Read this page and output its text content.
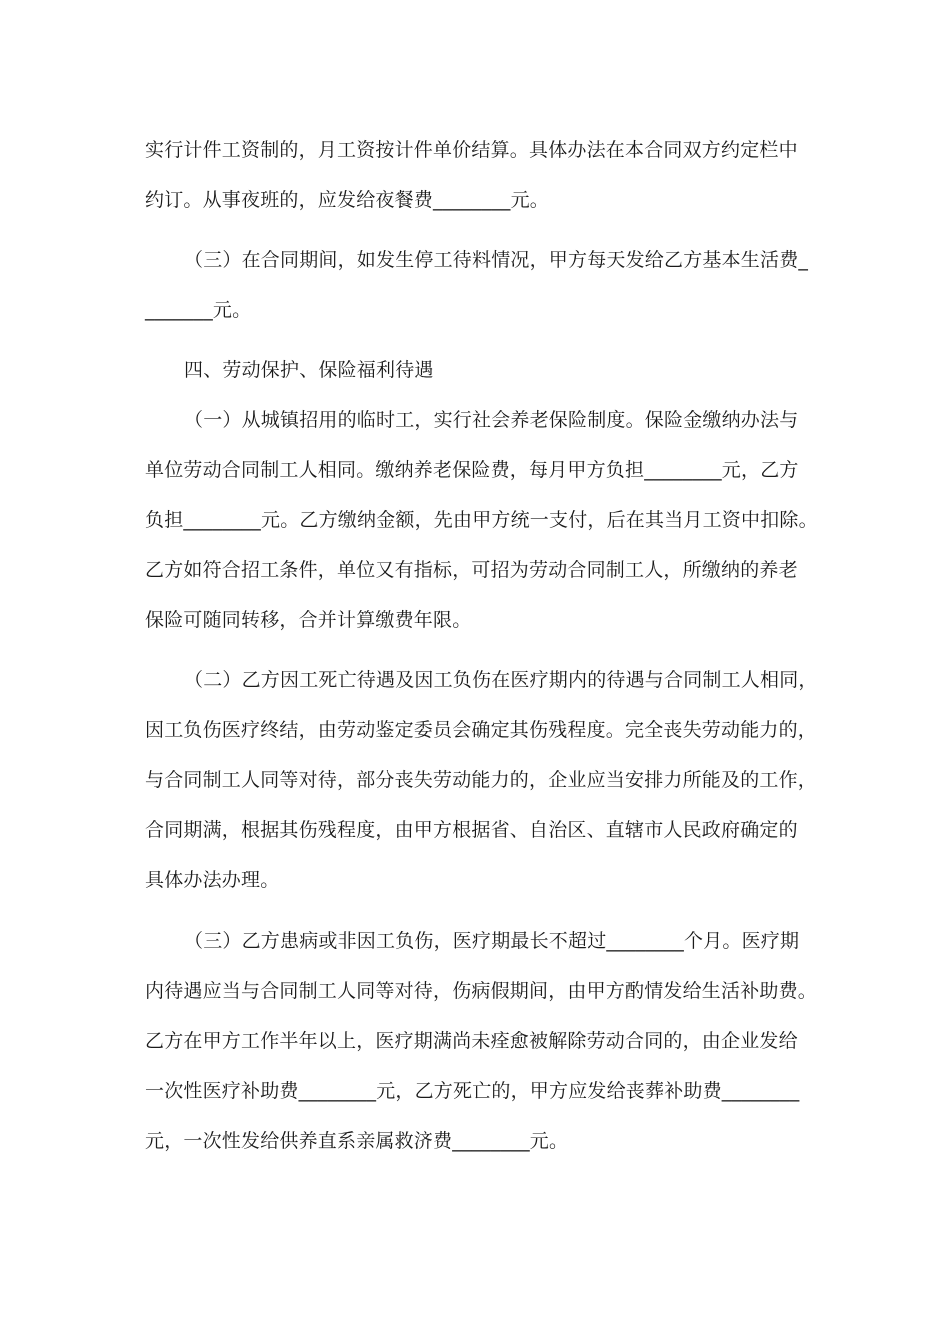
实行计件工资制的，月工资按计件单价结算。具体办法在本合同双方约定栏中
约订。从事夜班的，应发给夜餐费________元。
（三）在合同期间，如发生停工待料情况，甲方每天发给乙方基本生活费_
_______元。
四、劳动保护、保险福利待遇
（一）从城镇招用的临时工，实行社会养老保险制度。保险金缴纳办法与
单位劳动合同制工人相同。缴纳养老保险费，每月甲方负担________元，乙方
负担________元。乙方缴纳金额，先由甲方统一支付，后在其当月工资中扣除。
乙方如符合招工条件，单位又有指标，可招为劳动合同制工人，所缴纳的养老
保险可随同转移，合并计算缴费年限。
（二）乙方因工死亡待遇及因工负伤在医疗期内的待遇与合同制工人相同，
因工负伤医疗终结，由劳动鉴定委员会确定其伤残程度。完全丧失劳动能力的，
与合同制工人同等对待，部分丧失劳动能力的，企业应当安排力所能及的工作，
合同期满，根据其伤残程度，由甲方根据省、自治区、直辖市人民政府确定的
具体办法办理。
（三）乙方患病或非因工负伤，医疗期最长不超过________个月。医疗期
内待遇应当与合同制工人同等对待，伤病假期间，由甲方酌情发给生活补助费。
乙方在甲方工作半年以上，医疗期满尚未痊愈被解除劳动合同的，由企业发给
一次性医疗补助费________元，乙方死亡的，甲方应发给丧葬补助费________
元，一次性发给供养直系亲属救济费________元。
